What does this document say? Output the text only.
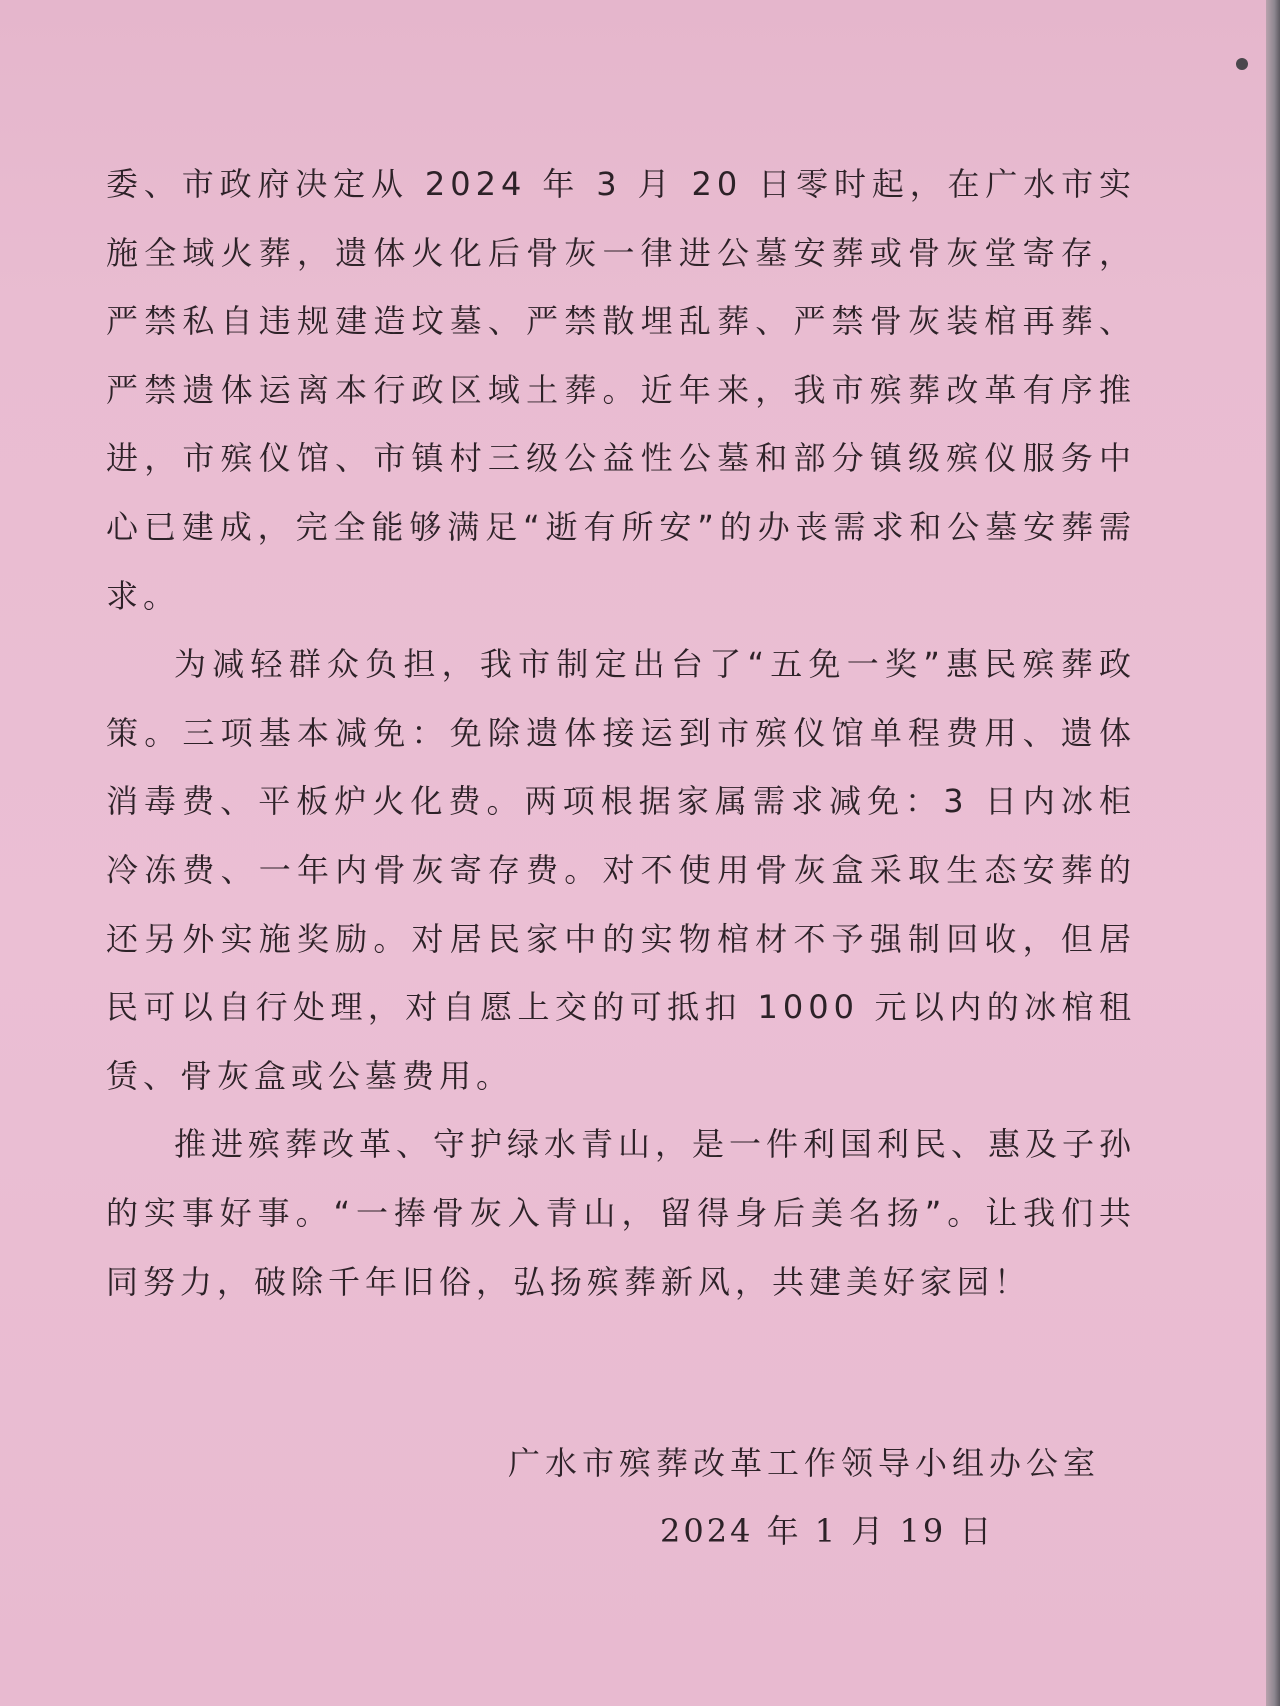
委、市政府决定从 2024 年 3 月 20 日零时起，在广水市实施全域火葬，遗体火化后骨灰一律进公墓安葬或骨灰堂寄存，严禁私自违规建造坟墓、严禁散埋乱葬、严禁骨灰装棺再葬、严禁遗体运离本行政区域土葬。近年来，我市殡葬改革有序推进，市殡仪馆、市镇村三级公益性公墓和部分镇级殡仪服务中心已建成，完全能够满足“逝有所安”的办丧需求和公墓安葬需求。

为减轻群众负担，我市制定出台了“五免一奖”惠民殡葬政策。三项基本减免：免除遗体接运到市殡仪馆单程费用、遗体消毒费、平板炉火化费。两项根据家属需求减免：3 日内冰柜冷冻费、一年内骨灰寄存费。对不使用骨灰盒采取生态安葬的还另外实施奖励。对居民家中的实物棺材不予强制回收，但居民可以自行处理，对自愿上交的可抵扣 1000 元以内的冰棺租赁、骨灰盒或公墓费用。

推进殡葬改革、守护绿水青山，是一件利国利民、惠及子孙的实事好事。“一捧骨灰入青山，留得身后美名扬”。让我们共同努力，破除千年旧俗，弘扬殡葬新风，共建美好家园！

广水市殡葬改革工作领导小组办公室
2024 年 1 月 19 日
